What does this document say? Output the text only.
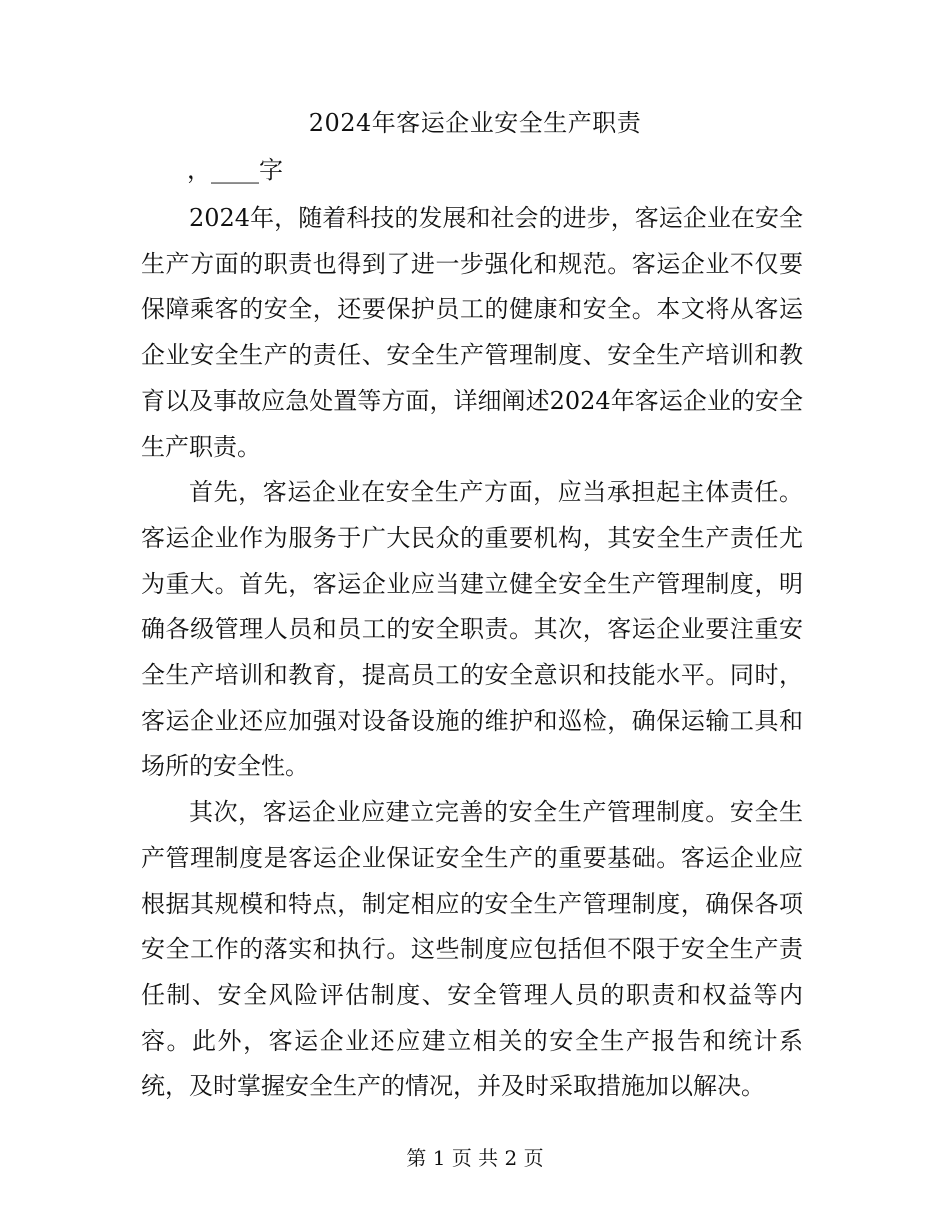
2024年客运企业安全生产职责
，____字

2024年，随着科技的发展和社会的进步，客运企业在安全生产方面的职责也得到了进一步强化和规范。客运企业不仅要保障乘客的安全，还要保护员工的健康和安全。本文将从客运企业安全生产的责任、安全生产管理制度、安全生产培训和教育以及事故应急处置等方面，详细阐述2024年客运企业的安全生产职责。

首先，客运企业在安全生产方面，应当承担起主体责任。客运企业作为服务于广大民众的重要机构，其安全生产责任尤为重大。首先，客运企业应当建立健全安全生产管理制度，明确各级管理人员和员工的安全职责。其次，客运企业要注重安全生产培训和教育，提高员工的安全意识和技能水平。同时，客运企业还应加强对设备设施的维护和巡检，确保运输工具和场所的安全性。

其次，客运企业应建立完善的安全生产管理制度。安全生产管理制度是客运企业保证安全生产的重要基础。客运企业应根据其规模和特点，制定相应的安全生产管理制度，确保各项安全工作的落实和执行。这些制度应包括但不限于安全生产责任制、安全风险评估制度、安全管理人员的职责和权益等内容。此外，客运企业还应建立相关的安全生产报告和统计系统，及时掌握安全生产的情况，并及时采取措施加以解决。

第 1 页 共 2 页
